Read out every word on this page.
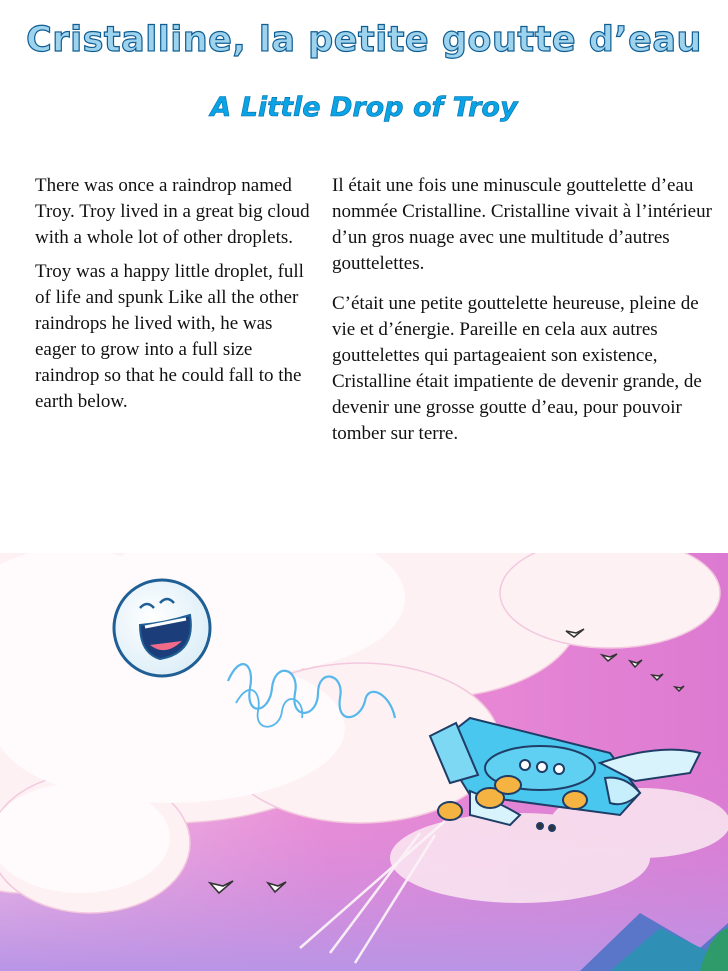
Cristalline, la petite goutte d’eau
A Little Drop of Troy

There was once a raindrop named Troy. Troy lived in a great big cloud with a whole lot of other droplets.

Troy was a happy little droplet, full of life and spunk Like all the other raindrops he lived with, he was eager to grow into a full size raindrop so that he could fall to the earth below.

Il était une fois une minuscule gouttelette d’eau nommée Cristalline. Cristalline vivait à l’intérieur d’un gros nuage avec une multitude d’autres gouttelettes.

C’était une petite gouttelette heureuse, pleine de vie et d’énergie. Pareille en cela aux autres gouttelettes qui partageaient son existence, Cristalline était impatiente de devenir grande, de devenir une grosse goutte d’eau, pour pouvoir tomber sur terre.
